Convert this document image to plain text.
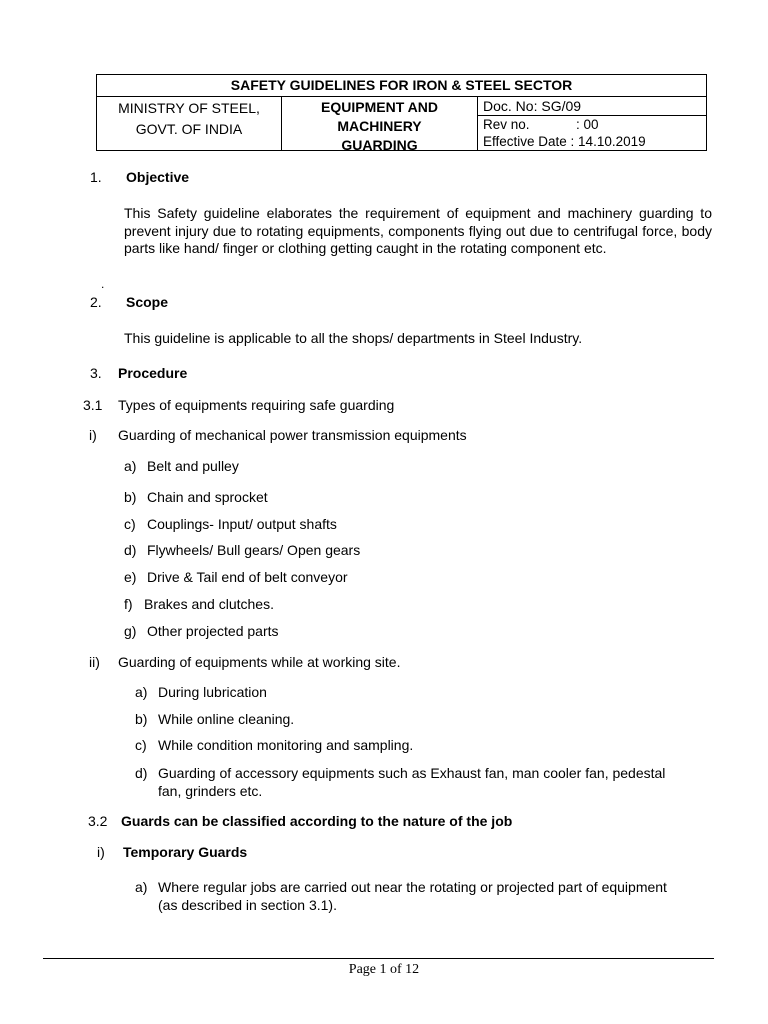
SAFETY GUIDELINES FOR IRON & STEEL SECTOR
MINISTRY OF STEEL,
GOVT. OF INDIA
EQUIPMENT AND
MACHINERY
GUARDING
Doc. No: SG/09
Rev no.	: 00
Effective Date : 14.10.2019
1. Objective

This Safety guideline elaborates the requirement of equipment and machinery guarding to prevent injury due to rotating equipments, components flying out due to centrifugal force, body parts like hand/ finger or clothing getting caught in the rotating component etc.

.
2. Scope
This guideline is applicable to all the shops/ departments in Steel Industry.
3. Procedure
3.1 Types of equipments requiring safe guarding
i) Guarding of mechanical power transmission equipments
a) Belt and pulley
b) Chain and sprocket
c) Couplings- Input/ output shafts
d) Flywheels/ Bull gears/ Open gears
e) Drive & Tail end of belt conveyor
f) Brakes and clutches.
g) Other projected parts
ii) Guarding of equipments while at working site.
a) During lubrication
b) While online cleaning.
c) While condition monitoring and sampling.
d) Guarding of accessory equipments such as Exhaust fan, man cooler fan, pedestal
fan, grinders etc.
3.2 Guards can be classified according to the nature of the job
i) Temporary Guards
a) Where regular jobs are carried out near the rotating or projected part of equipment
(as described in section 3.1).
Page 1 of 12
